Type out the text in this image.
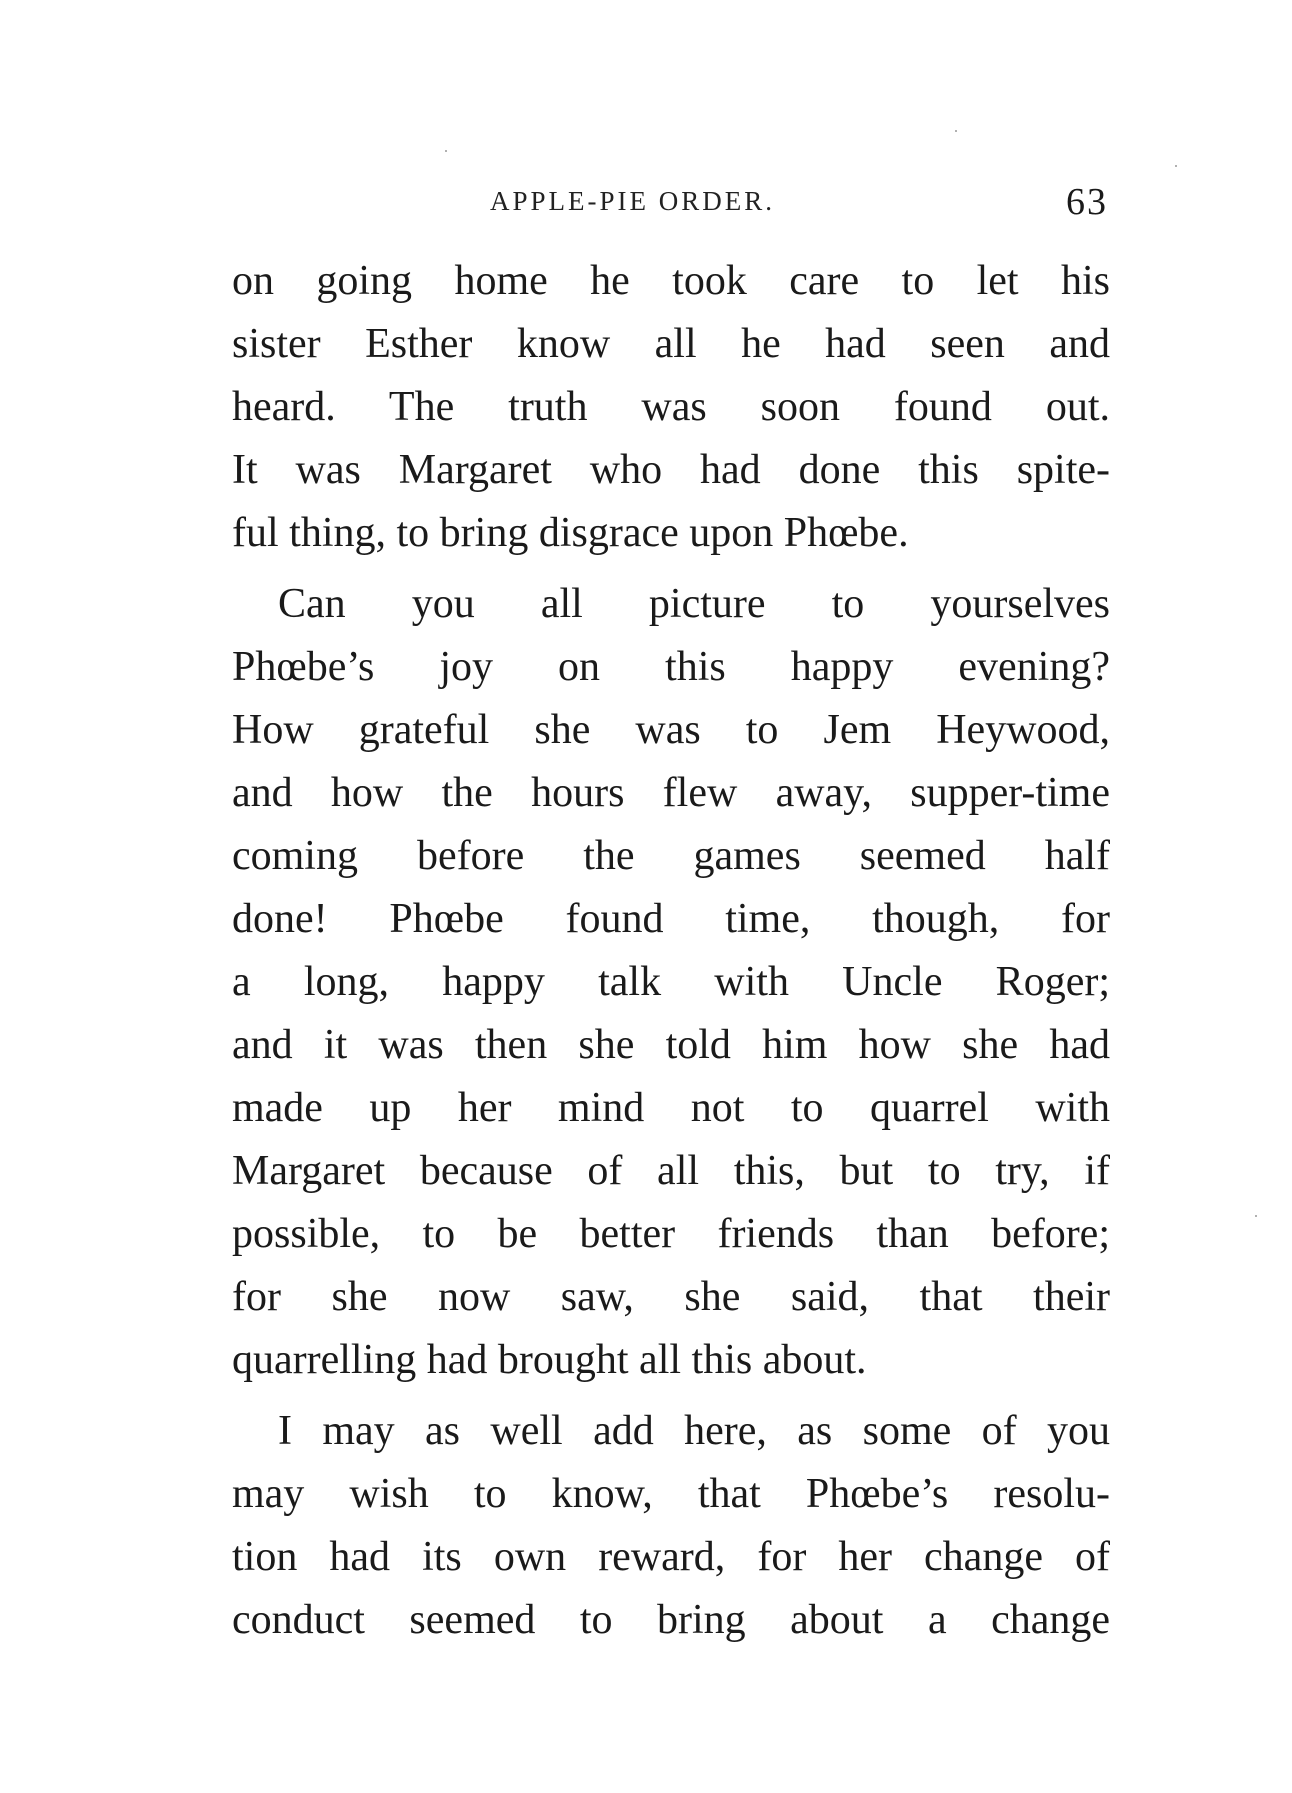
APPLE-PIE ORDER.	63
on going home he took care to let his
sister Esther know all he had seen and
heard. The truth was soon found out.
It was Margaret who had done this spite-
ful thing, to bring disgrace upon Phœbe.
Can you all picture to yourselves
Phœbe’s joy on this happy evening?
How grateful she was to Jem Heywood,
and how the hours flew away, supper-time
coming before the games seemed half
done! Phœbe found time, though, for
a long, happy talk with Uncle Roger;
and it was then she told him how she had
made up her mind not to quarrel with
Margaret because of all this, but to try, if
possible, to be better friends than before;
for she now saw, she said, that their
quarrelling had brought all this about.
I may as well add here, as some of you
may wish to know, that Phœbe’s resolu-
tion had its own reward, for her change of
conduct seemed to bring about a change
